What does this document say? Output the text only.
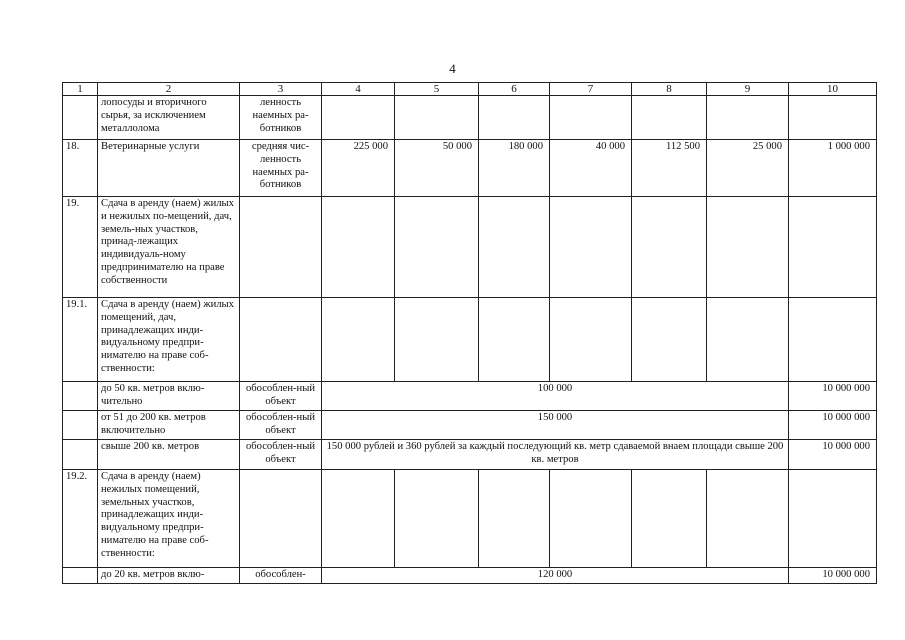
4
1	2	3	4	5	6	7	8	9	10
	лопосуды и вторичного сырья, за исключением металлолома	ленность наемных ра-ботников							
18.	Ветеринарные услуги	средняя чис-ленность наемных ра-ботников	225 000	50 000	180 000	40 000	112 500	25 000	1 000 000
19.	Сдача в аренду (наем) жилых и нежилых по-мещений, дач, земель-ных участков, принад-лежащих индивидуаль-ному предпринимателю на праве собственности								
19.1.	Сдача в аренду (наем) жилых помещений, дач, принадлежащих инди-видуальному предпри-нимателю на праве соб-ственности:								
	до 50 кв. метров вклю-чительно	обособлен-ный объект	100 000						10 000 000
	от 51 до 200 кв. метров включительно	обособлен-ный объект	150 000						10 000 000
	свыше 200 кв. метров	обособлен-ный объект	150 000 рублей и 360 рублей за каждый последующий кв. метр сдаваемой внаем площади свыше 200 кв. метров						10 000 000
19.2.	Сдача в аренду (наем) нежилых помещений, земельных участков, принадлежащих инди-видуальному предпри-нимателю на праве соб-ственности:								
	до 20 кв. метров вклю-	обособлен-	120 000						10 000 000
